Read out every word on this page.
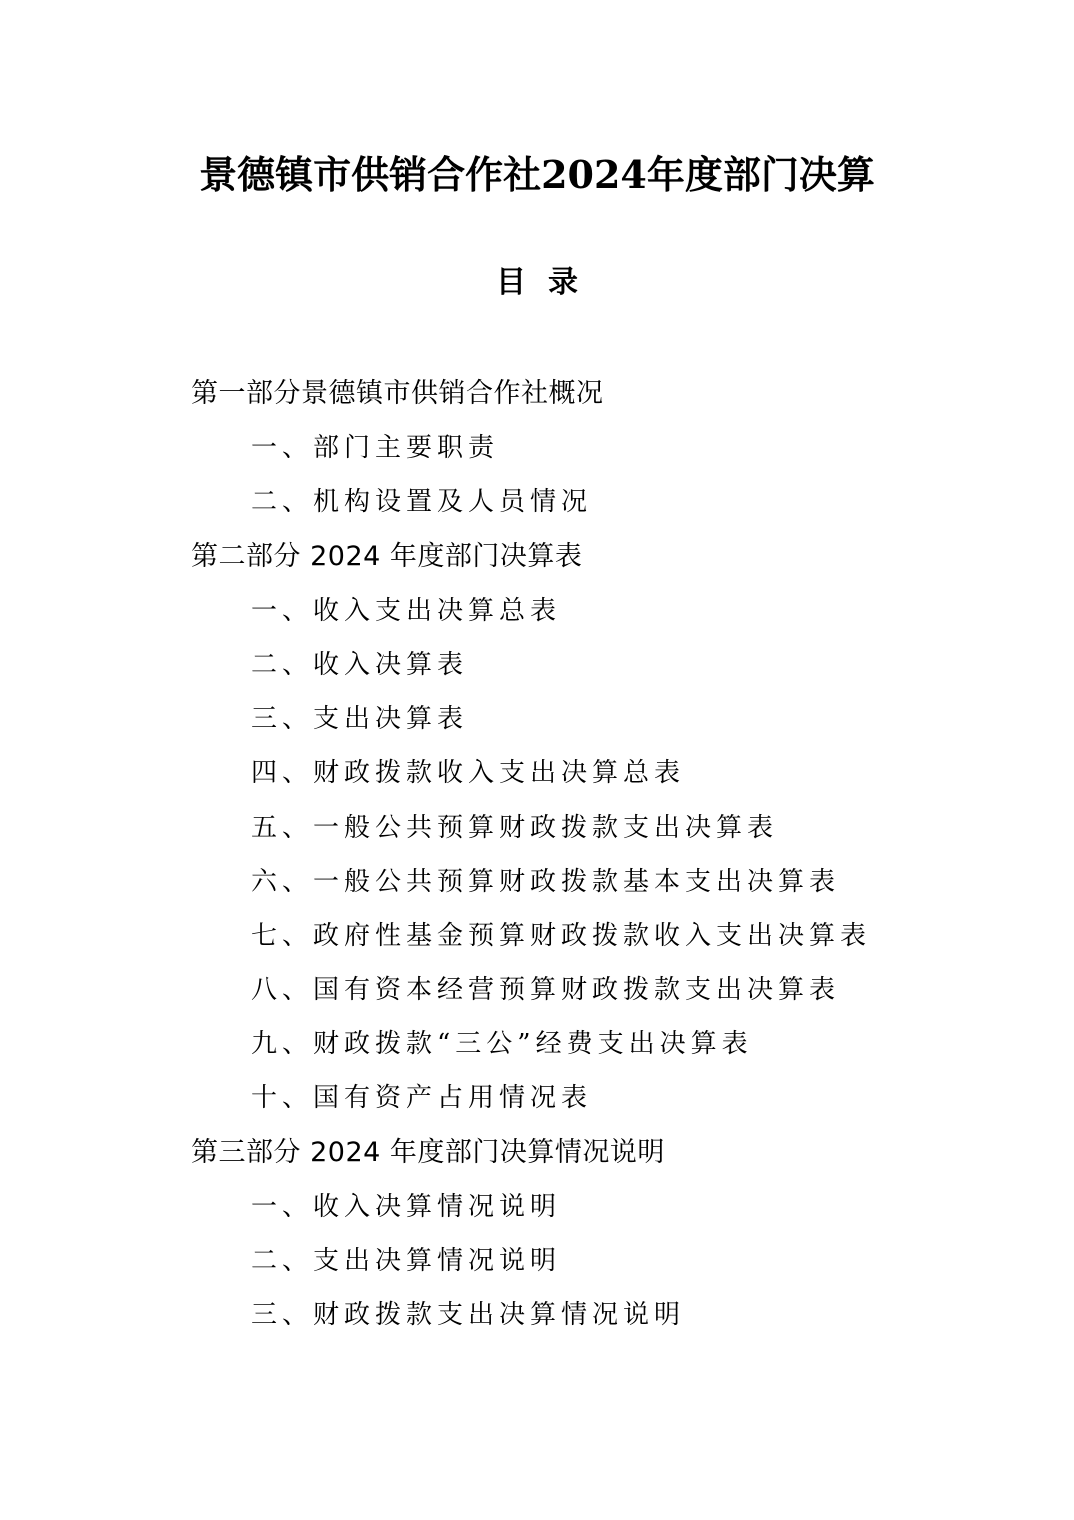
景德镇市供销合作社2024年度部门决算
目录
第一部分景德镇市供销合作社概况
一、部门主要职责
二、机构设置及人员情况
第二部分 2024 年度部门决算表
一、收入支出决算总表
二、收入决算表
三、支出决算表
四、财政拨款收入支出决算总表
五、一般公共预算财政拨款支出决算表
六、一般公共预算财政拨款基本支出决算表
七、政府性基金预算财政拨款收入支出决算表
八、国有资本经营预算财政拨款支出决算表
九、财政拨款“三公”经费支出决算表
十、国有资产占用情况表
第三部分 2024 年度部门决算情况说明
一、收入决算情况说明
二、支出决算情况说明
三、财政拨款支出决算情况说明
